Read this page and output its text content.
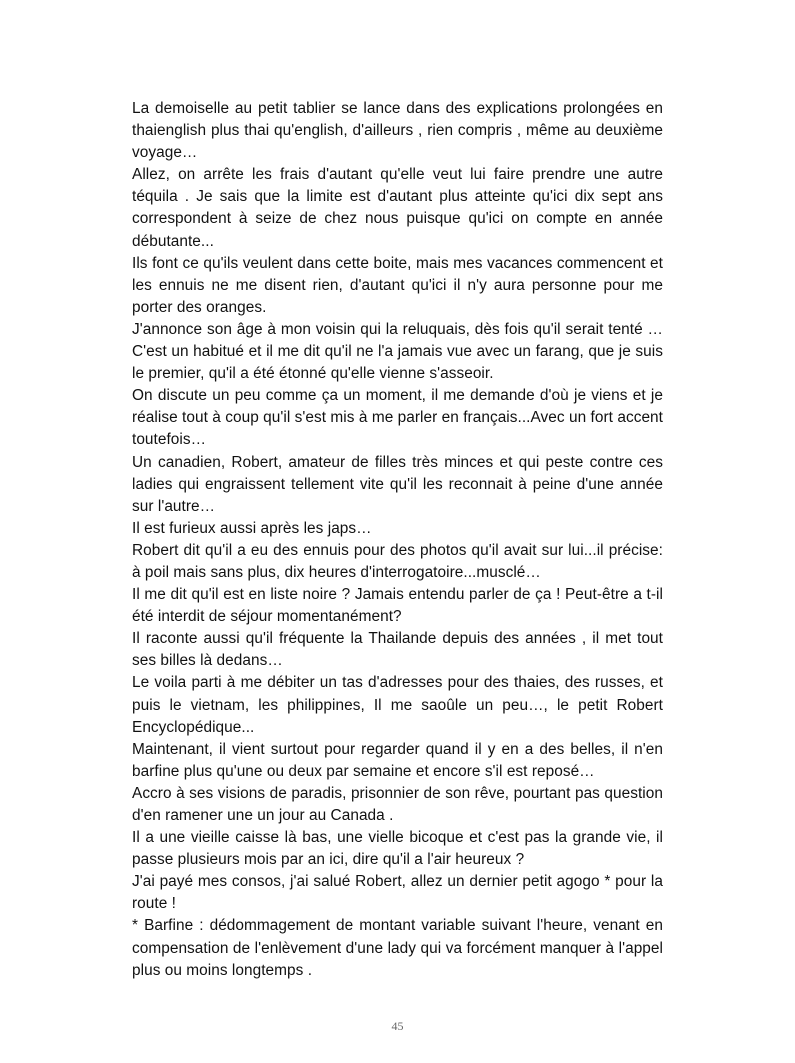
La demoiselle au petit tablier se lance dans des explications prolongées en thaienglish plus thai qu'english, d'ailleurs , rien compris , même au deuxième voyage…

Allez, on arrête les frais d'autant qu'elle veut lui faire prendre une autre téquila . Je sais que la limite est d'autant plus atteinte qu'ici dix sept ans correspondent à seize de chez nous puisque qu'ici on compte en année débutante...

Ils font ce qu'ils veulent dans cette boite, mais mes vacances commencent et les ennuis ne me disent rien, d'autant qu'ici il n'y aura personne pour me porter des oranges.

J'annonce son âge à mon voisin qui la reluquais, dès fois qu'il serait tenté … C'est un habitué et il me dit qu'il ne l'a jamais vue avec un farang, que je suis le premier, qu'il a été étonné qu'elle vienne s'asseoir.

On discute un peu comme ça un moment, il me demande d'où je viens et je réalise tout à coup qu'il s'est mis à me parler en français...Avec un fort accent toutefois…

Un canadien, Robert, amateur de filles très minces et qui peste contre ces ladies qui engraissent tellement vite qu'il les reconnait à peine d'une année sur l'autre…

Il est furieux aussi après les japs…

Robert dit qu'il a eu des ennuis pour des photos qu'il avait sur lui...il précise: à poil mais sans plus, dix heures d'interrogatoire...musclé…

Il me dit qu'il est en liste noire ? Jamais entendu parler de ça ! Peut-être a t-il été interdit de séjour momentanément?

Il raconte aussi qu'il fréquente la Thailande depuis des années , il met tout ses billes là dedans…

Le voila parti à me débiter un tas d'adresses pour des thaies, des russes, et puis le vietnam, les philippines, Il me saoûle un peu…, le petit Robert Encyclopédique...

Maintenant, il vient surtout pour regarder quand il y en a des belles, il n'en barfine plus qu'une ou deux par semaine et encore s'il est reposé…

Accro à ses visions de paradis, prisonnier de son rêve, pourtant pas question d'en ramener une un jour au Canada .

Il a une vieille caisse là bas, une vielle bicoque et c'est pas la grande vie, il passe plusieurs mois par an ici, dire qu'il a l'air heureux ?

J'ai payé mes consos, j'ai salué Robert, allez un dernier petit agogo * pour la route !

* Barfine : dédommagement de montant variable suivant l'heure, venant en compensation de l'enlèvement d'une lady qui va forcément manquer à l'appel plus ou moins longtemps .

45
